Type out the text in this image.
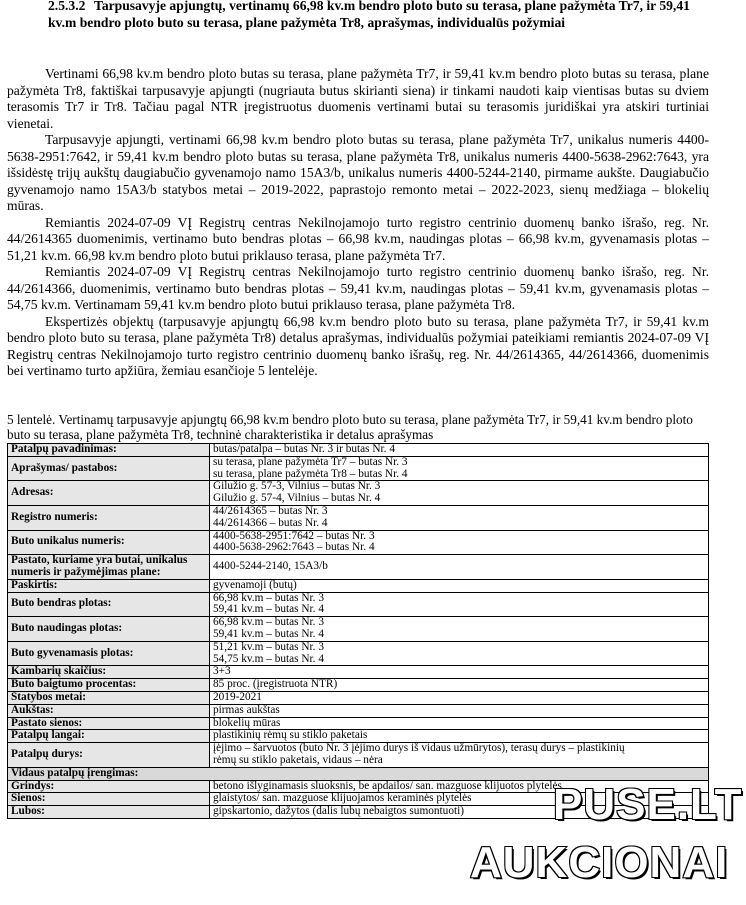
2.5.3.2 Tarpusavyje apjungtų, vertinamų 66,98 kv.m bendro ploto buto su terasa, plane pažymėta Tr7, ir 59,41 kv.m bendro ploto buto su terasa, plane pažymėta Tr8, aprašymas, individualūs požymiai

Vertinami 66,98 kv.m bendro ploto butas su terasa, plane pažymėta Tr7, ir 59,41 kv.m bendro ploto butas su terasa, plane pažymėta Tr8, faktiškai tarpusavyje apjungti (nugriauta butus skirianti siena) ir tinkami naudoti kaip vientisas butas su dviem terasomis Tr7 ir Tr8. Tačiau pagal NTR įregistruotus duomenis vertinami butai su terasomis juridiškai yra atskiri turtiniai vienetai.

Tarpusavyje apjungti, vertinami 66,98 kv.m bendro ploto butas su terasa, plane pažymėta Tr7, unikalus numeris 4400-5638-2951:7642, ir 59,41 kv.m bendro ploto butas su terasa, plane pažymėta Tr8, unikalus numeris 4400-5638-2962:7643, yra išsidėstę trijų aukštų daugiabučio gyvenamojo namo 15A3/b, unikalus numeris 4400-5244-2140, pirmame aukšte. Daugiabučio gyvenamojo namo 15A3/b statybos metai – 2019-2022, paprastojo remonto metai – 2022-2023, sienų medžiaga – blokelių mūras.

Remiantis 2024-07-09 VĮ Registrų centras Nekilnojamojo turto registro centrinio duomenų banko išrašo, reg. Nr. 44/2614365 duomenimis, vertinamo buto bendras plotas – 66,98 kv.m, naudingas plotas – 66,98 kv.m, gyvenamasis plotas – 51,21 kv.m. 66,98 kv.m bendro ploto butui priklauso terasa, plane pažymėta Tr7.

Remiantis 2024-07-09 VĮ Registrų centras Nekilnojamojo turto registro centrinio duomenų banko išrašo, reg. Nr. 44/2614366, duomenimis, vertinamo buto bendras plotas – 59,41 kv.m, naudingas plotas – 59,41 kv.m, gyvenamasis plotas – 54,75 kv.m. Vertinamam 59,41 kv.m bendro ploto butui priklauso terasa, plane pažymėta Tr8.

Ekspertizės objektų (tarpusavyje apjungtų 66,98 kv.m bendro ploto buto su terasa, plane pažymėta Tr7, ir 59,41 kv.m bendro ploto buto su terasa, plane pažymėta Tr8) detalus aprašymas, individualūs požymiai pateikiami remiantis 2024-07-09 VĮ Registrų centras Nekilnojamojo turto registro centrinio duomenų banko išrašų, reg. Nr. 44/2614365, 44/2614366, duomenimis bei vertinamo turto apžiūra, žemiau esančioje 5 lentelėje.

5 lentelė. Vertinamų tarpusavyje apjungtų 66,98 kv.m bendro ploto buto su terasa, plane pažymėta Tr7, ir 59,41 kv.m bendro ploto buto su terasa, plane pažymėta Tr8, techninė charakteristika ir detalus aprašymas
Patalpų pavadinimas:	butas/patalpa – butas Nr. 3 ir butas Nr. 4

Aprašymas/ pastabos:	su terasa, plane pažymėta Tr7 – butas Nr. 3
su terasa, plane pažymėta Tr8 – butas Nr. 4

Adresas:	Gilužio g. 57-3, Vilnius – butas Nr. 3
Gilužio g. 57-4, Vilnius – butas Nr. 4

Registro numeris:	44/2614365 – butas Nr. 3
44/2614366 – butas Nr. 4

Buto unikalus numeris:	4400-5638-2951:7642 – butas Nr. 3
4400-5638-2962:7643 – butas Nr. 4

Pastato, kuriame yra butai, unikalus numeris ir pažymėjimas plane:	4400-5244-2140, 15A3/b

Paskirtis:	gyvenamoji (butų)

Buto bendras plotas:	66,98 kv.m – butas Nr. 3
59,41 kv.m – butas Nr. 4

Buto naudingas plotas:	66,98 kv.m – butas Nr. 3
59,41 kv.m – butas Nr. 4

Buto gyvenamasis plotas:	51,21 kv.m – butas Nr. 3
54,75 kv.m – butas Nr. 4

Kambarių skaičius:	3+3

Buto baigtumo procentas:	85 proc. (įregistruota NTR)

Statybos metai:	2019-2021

Aukštas:	pirmas aukštas

Pastato sienos:	blokelių mūras

Patalpų langai:	plastikinių rėmų su stiklo paketais

Patalpų durys:	įėjimo – šarvuotos (buto Nr. 3 įėjimo durys iš vidaus užmūrytos), terasų durys – plastikinių
rėmų su stiklo paketais, vidaus – nėra

Vidaus patalpų įrengimas:	
Grindys:	betono išlyginamasis sluoksnis, be apdailos/ san. mazguose klijuotos plytelės

Sienos:	glaistytos/ san. mazguose klijuojamos keraminės plytelės

Lubos:	gipskartonio, dažytos (dalis lubų nebaigtos sumontuoti)	PUSE.LT
AUKCIONAI
